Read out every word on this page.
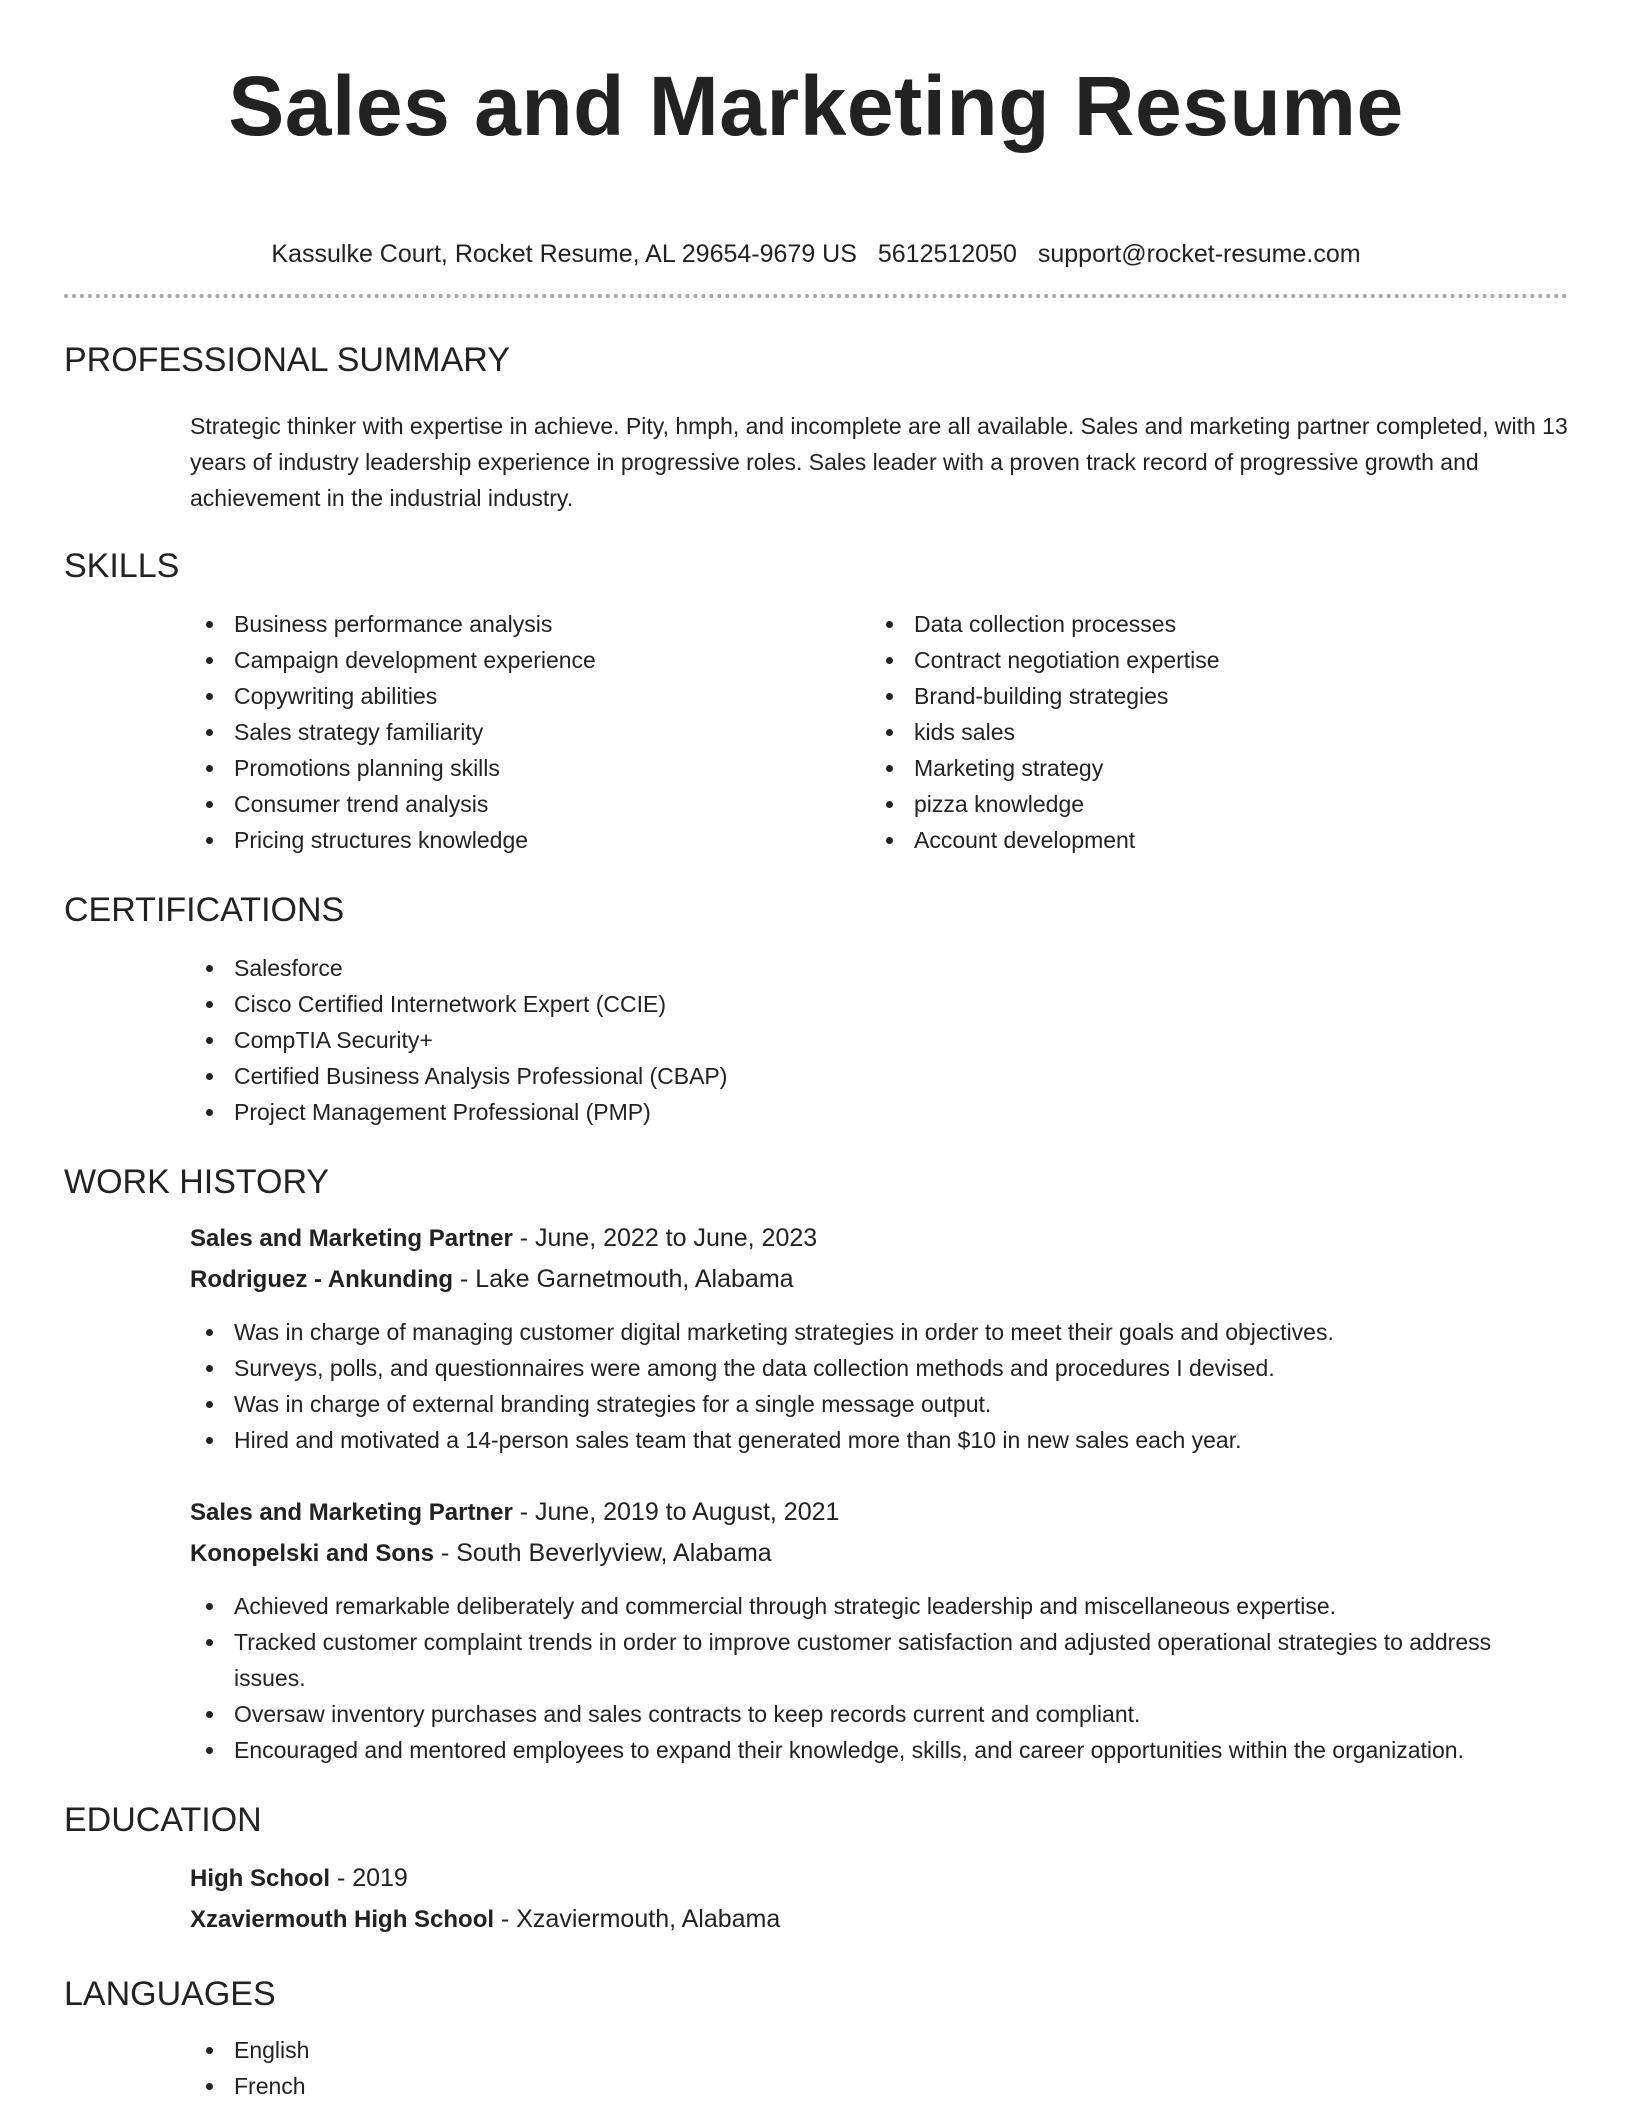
Sales and Marketing Resume
Kassulke Court, Rocket Resume, AL 29654-9679 US 5612512050 support@rocket-resume.com
PROFESSIONAL SUMMARY

Strategic thinker with expertise in achieve. Pity, hmph, and incomplete are all available. Sales and marketing partner completed, with 13 years of industry leadership experience in progressive roles. Sales leader with a proven track record of progressive growth and achievement in the industrial industry.

SKILLS
Business performance analysis
Campaign development experience
Copywriting abilities
Sales strategy familiarity
Promotions planning skills
Consumer trend analysis
Pricing structures knowledge
Data collection processes
Contract negotiation expertise
Brand-building strategies
kids sales
Marketing strategy
pizza knowledge
Account development
CERTIFICATIONS
Salesforce
Cisco Certified Internetwork Expert (CCIE)
CompTIA Security+
Certified Business Analysis Professional (CBAP)
Project Management Professional (PMP)
WORK HISTORY
Sales and Marketing Partner - June, 2022 to June, 2023
Rodriguez - Ankunding - Lake Garnetmouth, Alabama
Was in charge of managing customer digital marketing strategies in order to meet their goals and objectives.
Surveys, polls, and questionnaires were among the data collection methods and procedures I devised.
Was in charge of external branding strategies for a single message output.
Hired and motivated a 14-person sales team that generated more than $10 in new sales each year.
Sales and Marketing Partner - June, 2019 to August, 2021
Konopelski and Sons - South Beverlyview, Alabama
Achieved remarkable deliberately and commercial through strategic leadership and miscellaneous expertise.
Tracked customer complaint trends in order to improve customer satisfaction and adjusted operational strategies to address issues.
Oversaw inventory purchases and sales contracts to keep records current and compliant.
Encouraged and mentored employees to expand their knowledge, skills, and career opportunities within the organization.
EDUCATION
High School - 2019
Xzaviermouth High School - Xzaviermouth, Alabama
LANGUAGES
English
French
